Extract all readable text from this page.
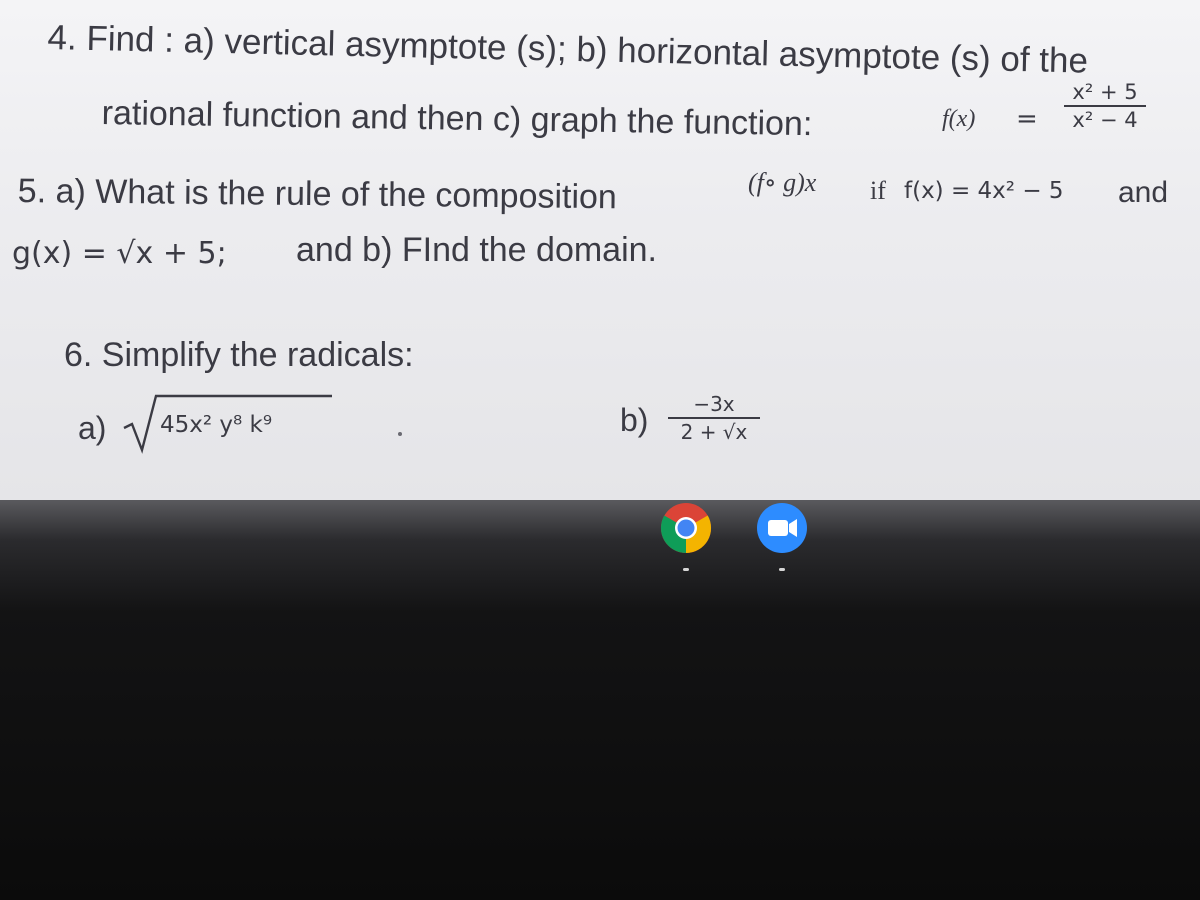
4. Find : a) vertical asymptote (s); b) horizontal asymptote (s) of the
rational function and then c) graph the function:	f(x) =
x² + 5
x² − 4
5. a) What is the rule of the composition	(f∘ g)x if f(x) = 4x² − 5 and
g(x) = √x + 5; and b) FInd the domain.
6. Simplify the radicals:
a) 45x² y⁸ k⁹	b)	−3x
2 + √x
